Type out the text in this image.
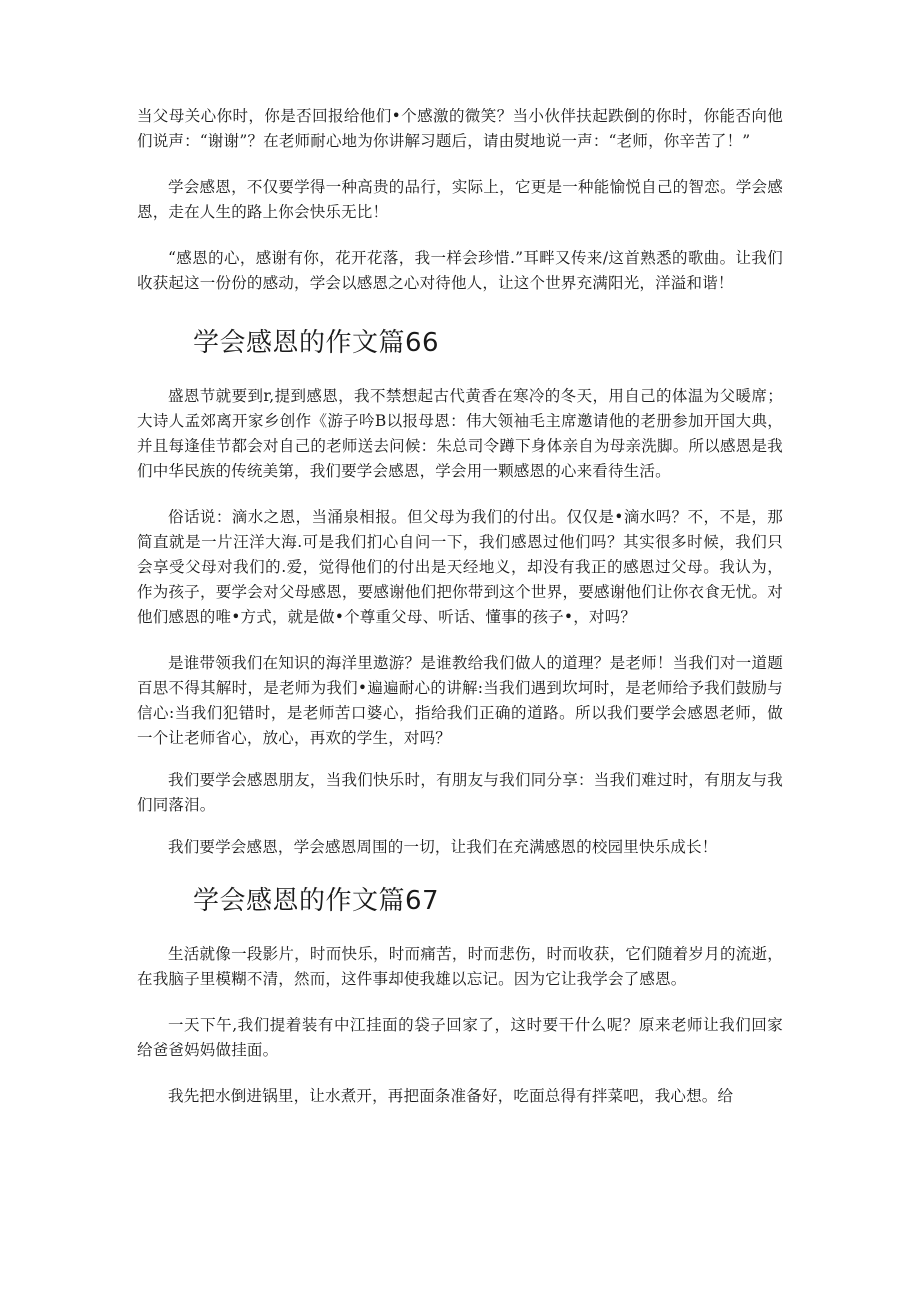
当父母关心你时，你是否回报给他们•个感激的微笑？当小伙伴扶起跌倒的你时，你能否向他们说声：“谢谢”？在老师耐心地为你讲解习题后，请由熨地说一声：“老师，你辛苦了！”

学会感恩，不仅要学得一种高贵的品行，实际上，它更是一种能愉悦自己的智恋。学会感恩，走在人生的路上你会快乐无比！

“感恩的心，感谢有你，花开花落，我一样会珍惜.”耳畔又传来/这首熟悉的歌曲。让我们收获起这一份份的感动，学会以感恩之心对待他人，让这个世界充满阳光，洋溢和谐！

学会感恩的作文篇66

盛恩节就要到r,提到感恩，我不禁想起古代黄香在寒冷的冬天，用自己的体温为父暖席；大诗人孟郊离开家乡创作《游子吟B以报母恩：伟大领袖毛主席邀请他的老册参加开国大典，并且每逢佳节都会对自己的老师送去问候：朱总司令蹲下身体亲自为母亲洗脚。所以感恩是我们中华民族的传统美第，我们要学会感恩，学会用一颗感恩的心来看待生活。

俗话说：滴水之恩，当涌泉相报。但父母为我们的付出。仅仅是•滴水吗？不，不是，那简直就是一片汪洋大海.可是我们扪心自问一下，我们感恩过他们吗？其实很多时候，我们只会享受父母对我们的.爱，觉得他们的付出是天经地义，却没有我正的感恩过父母。我认为，作为孩子，要学会对父母感恩，要感谢他们把你带到这个世界，要感谢他们让你衣食无忧。对他们感恩的唯•方式，就是做•个尊重父母、听话、懂事的孩子•，对吗？

是谁带领我们在知识的海洋里遨游？是谁教给我们做人的道理？是老师！当我们对一道题百思不得其解时，是老师为我们•遍遍耐心的讲解:当我们遇到坎坷时，是老师给予我们鼓励与信心:当我们犯错时，是老师苦口婆心，指给我们正确的道路。所以我们要学会感恩老师，做一个让老师省心，放心，再欢的学生，对吗？

我们要学会感恩朋友，当我们快乐时，有朋友与我们同分享：当我们难过时，有朋友与我们同落泪。

我们要学会感恩，学会感恩周围的一切，让我们在充满感恩的校园里快乐成长！

学会感恩的作文篇67

生活就像一段影片，时而快乐，时而痛苦，时而悲伤，时而收获，它们随着岁月的流逝，在我脑子里模糊不清，然而，这件事却使我雄以忘记。因为它让我学会了感恩。

一天下午,我们提着装有中江挂面的袋子回家了，这时要干什么呢？原来老师让我们回家给爸爸妈妈做挂面。

我先把水倒进锅里，让水煮开，再把面条准备好，吃面总得有拌菜吧，我心想。给
